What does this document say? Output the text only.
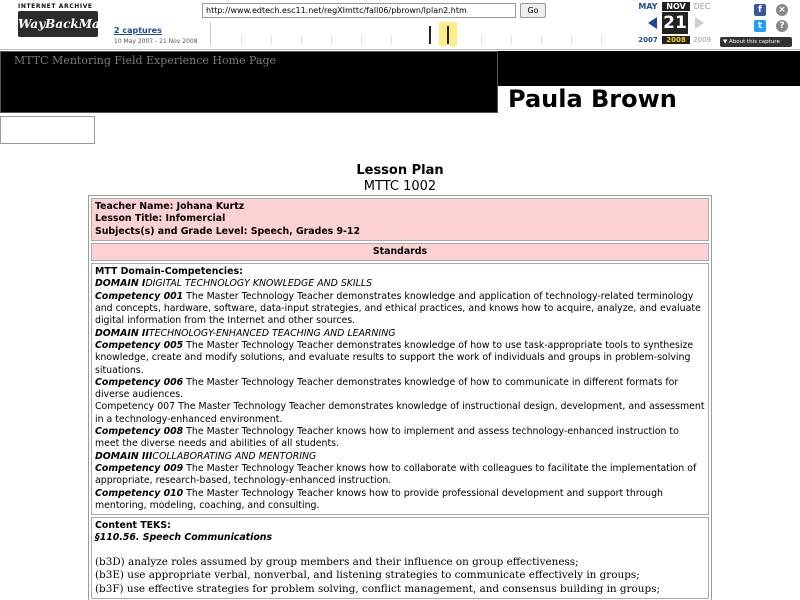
INTERNET ARCHIVE
WayBackMachine
http://www.edtech.esc11.net/regXImttc/fall06/pbrown/lplan2.htm	Go
2 captures
10 May 2007 - 21 Nov 2008
MAY	NOV DEC
21
2007	2008	2009
f
t
×
?
▼ About this capture
MTTC Mentoring Field Experience Home Page
Paula Brown
Lesson Plan
MTTC 1002
Teacher Name: Johana Kurtz
Lesson Title: Infomercial
Subjects(s) and Grade Level: Speech, Grades 9-12
Standards
MTT Domain-Competencies:
DOMAIN IDIGITAL TECHNOLOGY KNOWLEDGE AND SKILLS
Competency 001 The Master Technology Teacher demonstrates knowledge and application of technology-related terminology and concepts, hardware, software, data-input strategies, and ethical practices, and knows how to acquire, analyze, and evaluate digital information from the Internet and other sources.
DOMAIN IITECHNOLOGY-ENHANCED TEACHING AND LEARNING
Competency 005 The Master Technology Teacher demonstrates knowledge of how to use task-appropriate tools to synthesize knowledge, create and modify solutions, and evaluate results to support the work of individuals and groups in problem-solving situations.
Competency 006 The Master Technology Teacher demonstrates knowledge of how to communicate in different formats for diverse audiences.
Competency 007 The Master Technology Teacher demonstrates knowledge of instructional design, development, and assessment in a technology-enhanced environment.
Competency 008 The Master Technology Teacher knows how to implement and assess technology-enhanced instruction to meet the diverse needs and abilities of all students.
DOMAIN IIICOLLABORATING AND MENTORING
Competency 009 The Master Technology Teacher knows how to collaborate with colleagues to facilitate the implementation of appropriate, research-based, technology-enhanced instruction.
Competency 010 The Master Technology Teacher knows how to provide professional development and support through mentoring, modeling, coaching, and consulting.
Content TEKS:
§110.56. Speech Communications
(b3D) analyze roles assumed by group members and their influence on group effectiveness;
(b3E) use appropriate verbal, nonverbal, and listening strategies to communicate effectively in groups;
(b3F) use effective strategies for problem solving, conflict management, and consensus building in groups;
